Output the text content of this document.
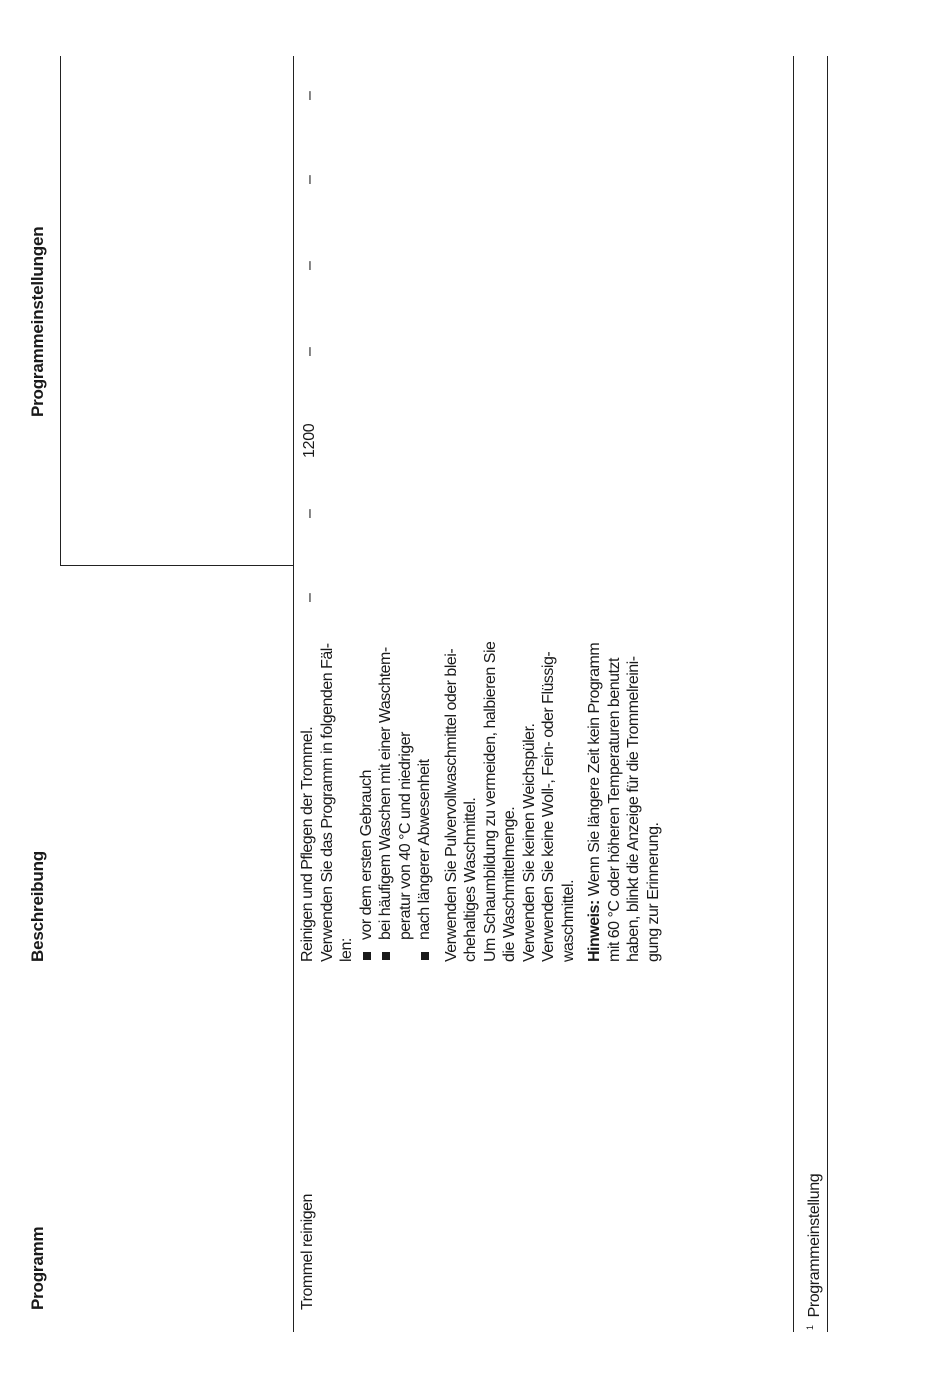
Programm
Beschreibung
Programmeinstellungen
Trommel reinigen
Reinigen und Pflegen der Trommel. Verwenden Sie das Programm in folgenden Fäl- len:
vor dem ersten Gebrauch bei häufigem Waschen mit einer Waschtem- peratur von 40 °C und niedriger nach längerer Abwesenheit Verwenden Sie Pulvervollwaschmittel oder blei- chehaltiges Waschmittel. Um Schaumbildung zu vermeiden, halbieren Sie die Waschmittelmenge. Verwenden Sie keinen Weichspüler. Verwenden Sie keine Woll-, Fein- oder Flüssig- waschmittel. Hinweis: Wenn Sie längere Zeit kein Programm mit 60 °C oder höheren Temperaturen benutzt haben, blinkt die Anzeige für die Trommelreini- gung zur Erinnerung.
–
–
1200
–
–
–
–
$^1$Programmeinstellung
